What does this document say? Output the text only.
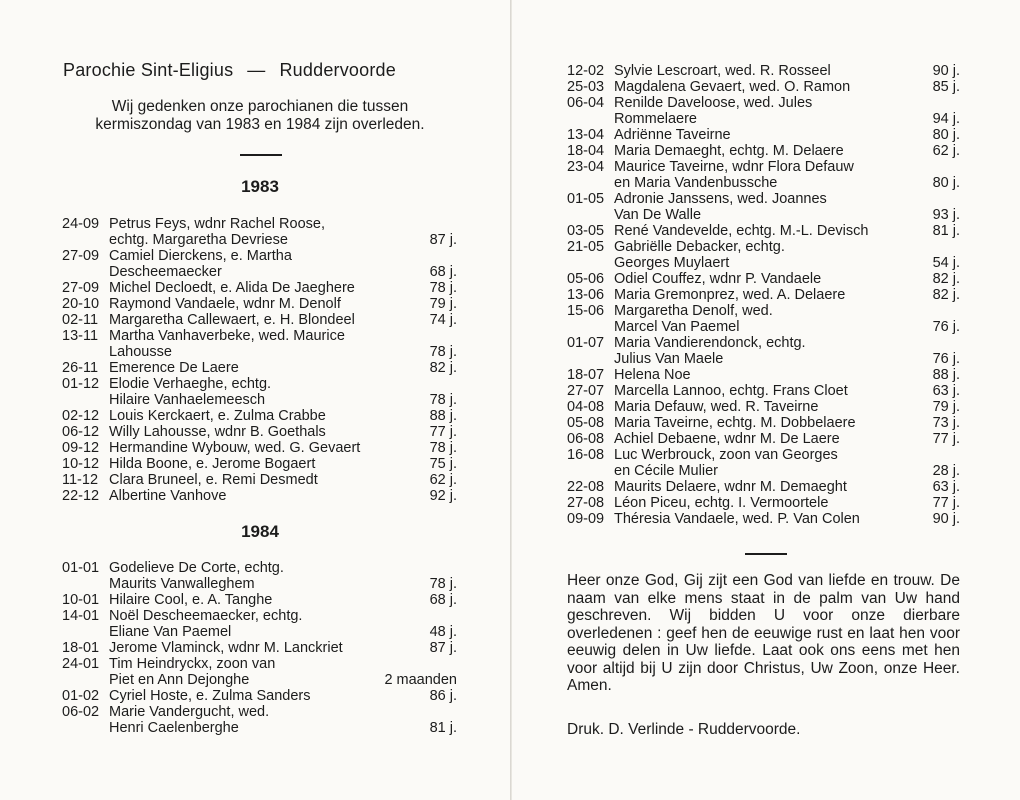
Parochie Sint-Eligius — Ruddervoorde
Wij gedenken onze parochianen die tussen kermiszondag van 1983 en 1984 zijn overleden.
1983
24-09 Petrus Feys, wdnr Rachel Roose,
echtg. Margaretha Devriese	87 j.
27-09 Camiel Dierckens, e. Martha
Descheemaecker	68 j.
27-09 Michel Decloedt, e. Alida De Jaeghere	78 j.
20-10 Raymond Vandaele, wdnr M. Denolf	79 j.
02-11 Margaretha Callewaert, e. H. Blondeel	74 j.
13-11 Martha Vanhaverbeke, wed. Maurice
Lahousse	78 j.
26-11 Emerence De Laere	82 j.
01-12 Elodie Verhaeghe, echtg.
Hilaire Vanhaelemeesch	78 j.
02-12 Louis Kerckaert, e. Zulma Crabbe	88 j.
06-12 Willy Lahousse, wdnr B. Goethals	77 j.
09-12 Hermandine Wybouw, wed. G. Gevaert	78 j.
10-12 Hilda Boone, e. Jerome Bogaert	75 j.
11-12 Clara Bruneel, e. Remi Desmedt	62 j.
22-12 Albertine Vanhove	92 j.
1984
01-01 Godelieve De Corte, echtg.
Maurits Vanwalleghem	78 j.
10-01 Hilaire Cool, e. A. Tanghe	68 j.
14-01 Noël Descheemaecker, echtg.
Eliane Van Paemel	48 j.
18-01 Jerome Vlaminck, wdnr M. Lanckriet	87 j.
24-01 Tim Heindryckx, zoon van
Piet en Ann Dejonghe	2 maanden
01-02 Cyriel Hoste, e. Zulma Sanders	86 j.
06-02 Marie Vandergucht, wed.
Henri Caelenberghe	81 j.
12-02 Sylvie Lescroart, wed. R. Rosseel	90 j.
25-03 Magdalena Gevaert, wed. O. Ramon	85 j.
06-04 Renilde Daveloose, wed. Jules
Rommelaere	94 j.
13-04 Adriënne Taveirne	80 j.
18-04 Maria Demaeght, echtg. M. Delaere	62 j.
23-04 Maurice Taveirne, wdnr Flora Defauw
en Maria Vandenbussche	80 j.
01-05 Adronie Janssens, wed. Joannes
Van De Walle	93 j.
03-05 René Vandevelde, echtg. M.-L. Devisch	81 j.
21-05 Gabriëlle Debacker, echtg.
Georges Muylaert	54 j.
05-06 Odiel Couffez, wdnr P. Vandaele	82 j.
13-06 Maria Gremonprez, wed. A. Delaere	82 j.
15-06 Margaretha Denolf, wed.
Marcel Van Paemel	76 j.
01-07 Maria Vandierendonck, echtg.
Julius Van Maele	76 j.
18-07 Helena Noe	88 j.
27-07 Marcella Lannoo, echtg. Frans Cloet	63 j.
04-08 Maria Defauw, wed. R. Taveirne	79 j.
05-08 Maria Taveirne, echtg. M. Dobbelaere	73 j.
06-08 Achiel Debaene, wdnr M. De Laere	77 j.
16-08 Luc Werbrouck, zoon van Georges
en Cécile Mulier	28 j.
22-08 Maurits Delaere, wdnr M. Demaeght	63 j.
27-08 Léon Piceu, echtg. I. Vermoortele	77 j.
09-09 Théresia Vandaele, wed. P. Van Colen	90 j.
Heer onze God, Gij zijt een God van liefde en trouw. De naam van elke mens staat in de palm van Uw hand geschreven. Wij bidden U voor onze dierbare overledenen : geef hen de eeuwige rust en laat hen voor eeuwig delen in Uw liefde. Laat ook ons eens met hen voor altijd bij U zijn door Christus, Uw Zoon, onze Heer. Amen.
Druk. D. Verlinde - Ruddervoorde.
